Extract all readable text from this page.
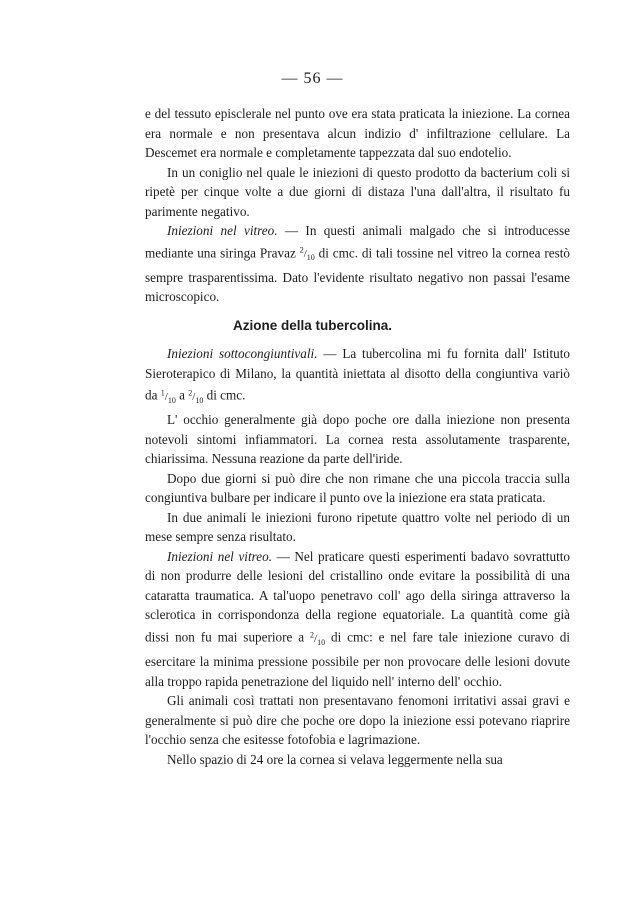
— 56 —

e del tessuto episclerale nel punto ove era stata praticata la iniezione. La cornea era normale e non presentava alcun indizio d' infiltrazione cellulare. La Descemet era normale e completamente tappezzata dal suo endotelio.

In un coniglio nel quale le iniezioni di questo prodotto da bacterium coli si ripetè per cinque volte a due giorni di distaza l'una dall'altra, il risultato fu parimente negativo.

Iniezioni nel vitreo. — In questi animali malgado che si introducesse mediante una siringa Pravaz $^2/_{10}$ di cmc. di tali tossine nel vitreo la cornea restò sempre trasparentissima. Dato l'evidente risultato negativo non passai l'esame microscopico.

Azione della tubercolina.

Iniezioni sottocongiuntivali. — La tubercolina mi fu fornita dall' Istituto Sieroterapico di Milano, la quantità iniettata al disotto della congiuntiva variò da $^1/_{10}$ a $^2/_{10}$ di cmc.

L' occhio generalmente già dopo poche ore dalla iniezione non presenta notevoli sintomi infiammatori. La cornea resta assolutamente trasparente, chiarissima. Nessuna reazione da parte dell'iride.

Dopo due giorni si può dire che non rimane che una piccola traccia sulla congiuntiva bulbare per indicare il punto ove la iniezione era stata praticata.

In due animali le iniezioni furono ripetute quattro volte nel periodo di un mese sempre senza risultato.

Iniezioni nel vitreo. — Nel praticare questi esperimenti badavo sovrattutto di non produrre delle lesioni del cristallino onde evitare la possibilità di una cataratta traumatica. A tal'uopo penetravo coll' ago della siringa attraverso la sclerotica in corrispondonza della regione equatoriale. La quantità come già dissi non fu mai superiore a $^2/_{10}$ di cmc: e nel fare tale iniezione curavo di esercitare la minima pressione possibile per non provocare delle lesioni dovute alla troppo rapida penetrazione del liquido nell' interno dell' occhio.

Gli animali così trattati non presentavano fenomoni irritativi assai gravi e generalmente si può dire che poche ore dopo la iniezione essi potevano riaprire l'occhio senza che esitesse fotofobia e lagrimazione.

Nello spazio di 24 ore la cornea si velava leggermente nella sua
